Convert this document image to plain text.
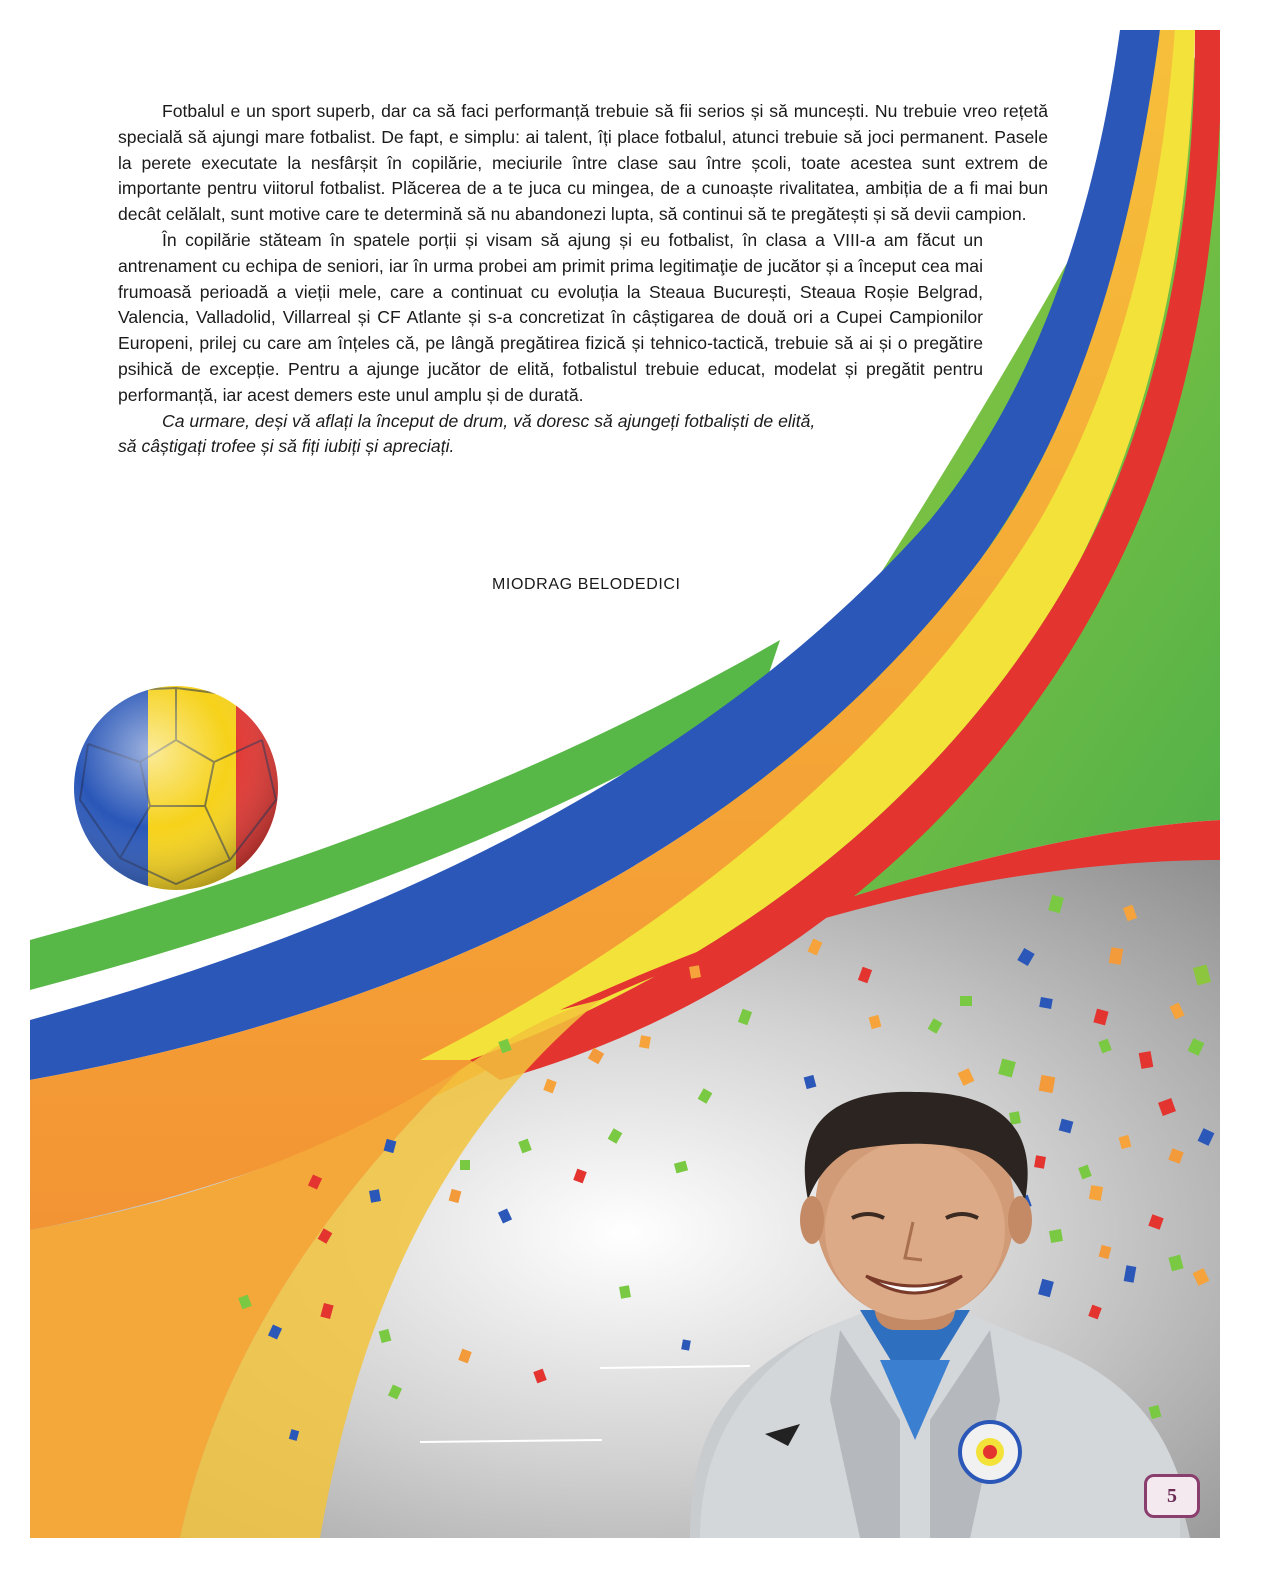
Fotbalul e un sport superb, dar ca să faci performanță trebuie să fii serios și să muncești. Nu trebuie vreo rețetă specială să ajungi mare fotbalist. De fapt, e simplu: ai talent, îți place fotbalul, atunci trebuie să joci permanent. Pasele la perete executate la nesfârșit în copilărie, meciurile între clase sau între școli, toate acestea sunt extrem de importante pentru viitorul fotbalist. Plăcerea de a te juca cu mingea, de a cunoaște rivalitatea, ambiția de a fi mai bun decât celălalt, sunt motive care te determină să nu abandonezi lupta, să continui să te pregătești și să devii campion.

În copilărie stăteam în spatele porții și visam să ajung și eu fotbalist, în clasa a VIII-a am făcut un antrenament cu echipa de seniori, iar în urma probei am primit prima legitimaţie de jucător și a început cea mai frumoasă perioadă a vieții mele, care a continuat cu evoluția la Steaua București, Steaua Roșie Belgrad, Valencia, Valladolid, Villarreal și CF Atlante și s-a concretizat în câștigarea de două ori a Cupei Campionilor Europeni, prilej cu care am înțeles că, pe lângă pregătirea fizică și tehnico-tactică, trebuie să ai și o pregătire psihică de excepție. Pentru a ajunge jucător de elită, fotbalistul trebuie educat, modelat și pregătit pentru performanță, iar acest demers este unul amplu și de durată.

Ca urmare, deși vă aflați la început de drum, vă doresc să ajungeți fotbaliști de elită, să câștigați trofee și să fiți iubiți și apreciați.

MIODRAG BELODEDICI
5
